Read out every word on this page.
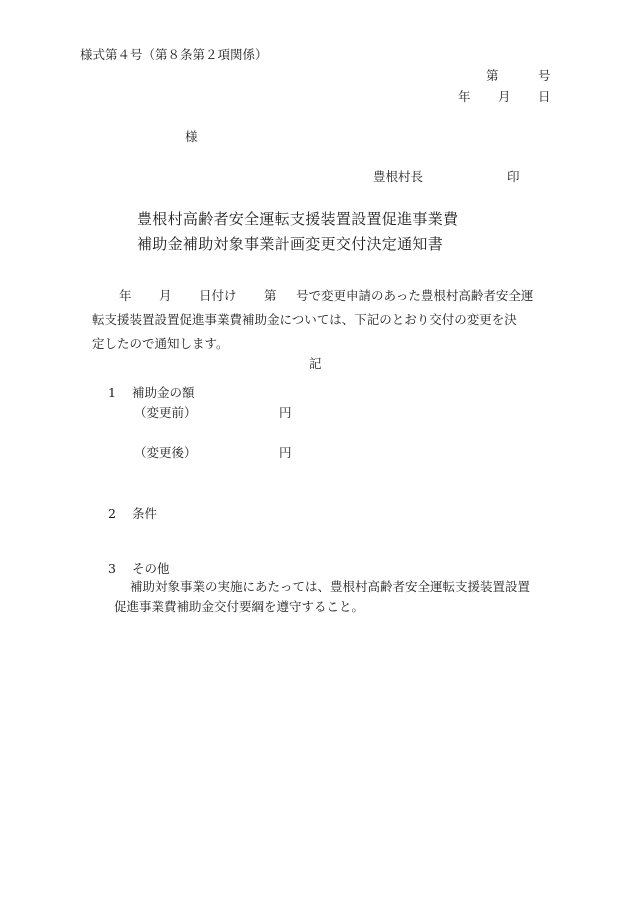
様式第４号（第８条第２項関係）
第	号
年 月 日
様
豊根村長	印
豊根村高齢者安全運転支援装置設置促進事業費
補助金補助対象事業計画変更交付決定通知書
年 月 日付け 第 号で変更申請のあった豊根村高齢者安全運
転支援装置設置促進事業費補助金については、下記のとおり交付の変更を決
定したので通知します。
記
1 補助金の額
（変更前）	円
（変更後）	円
2 条件
3 その他
補助対象事業の実施にあたっては、豊根村高齢者安全運転支援装置設置
促進事業費補助金交付要綱を遵守すること。
